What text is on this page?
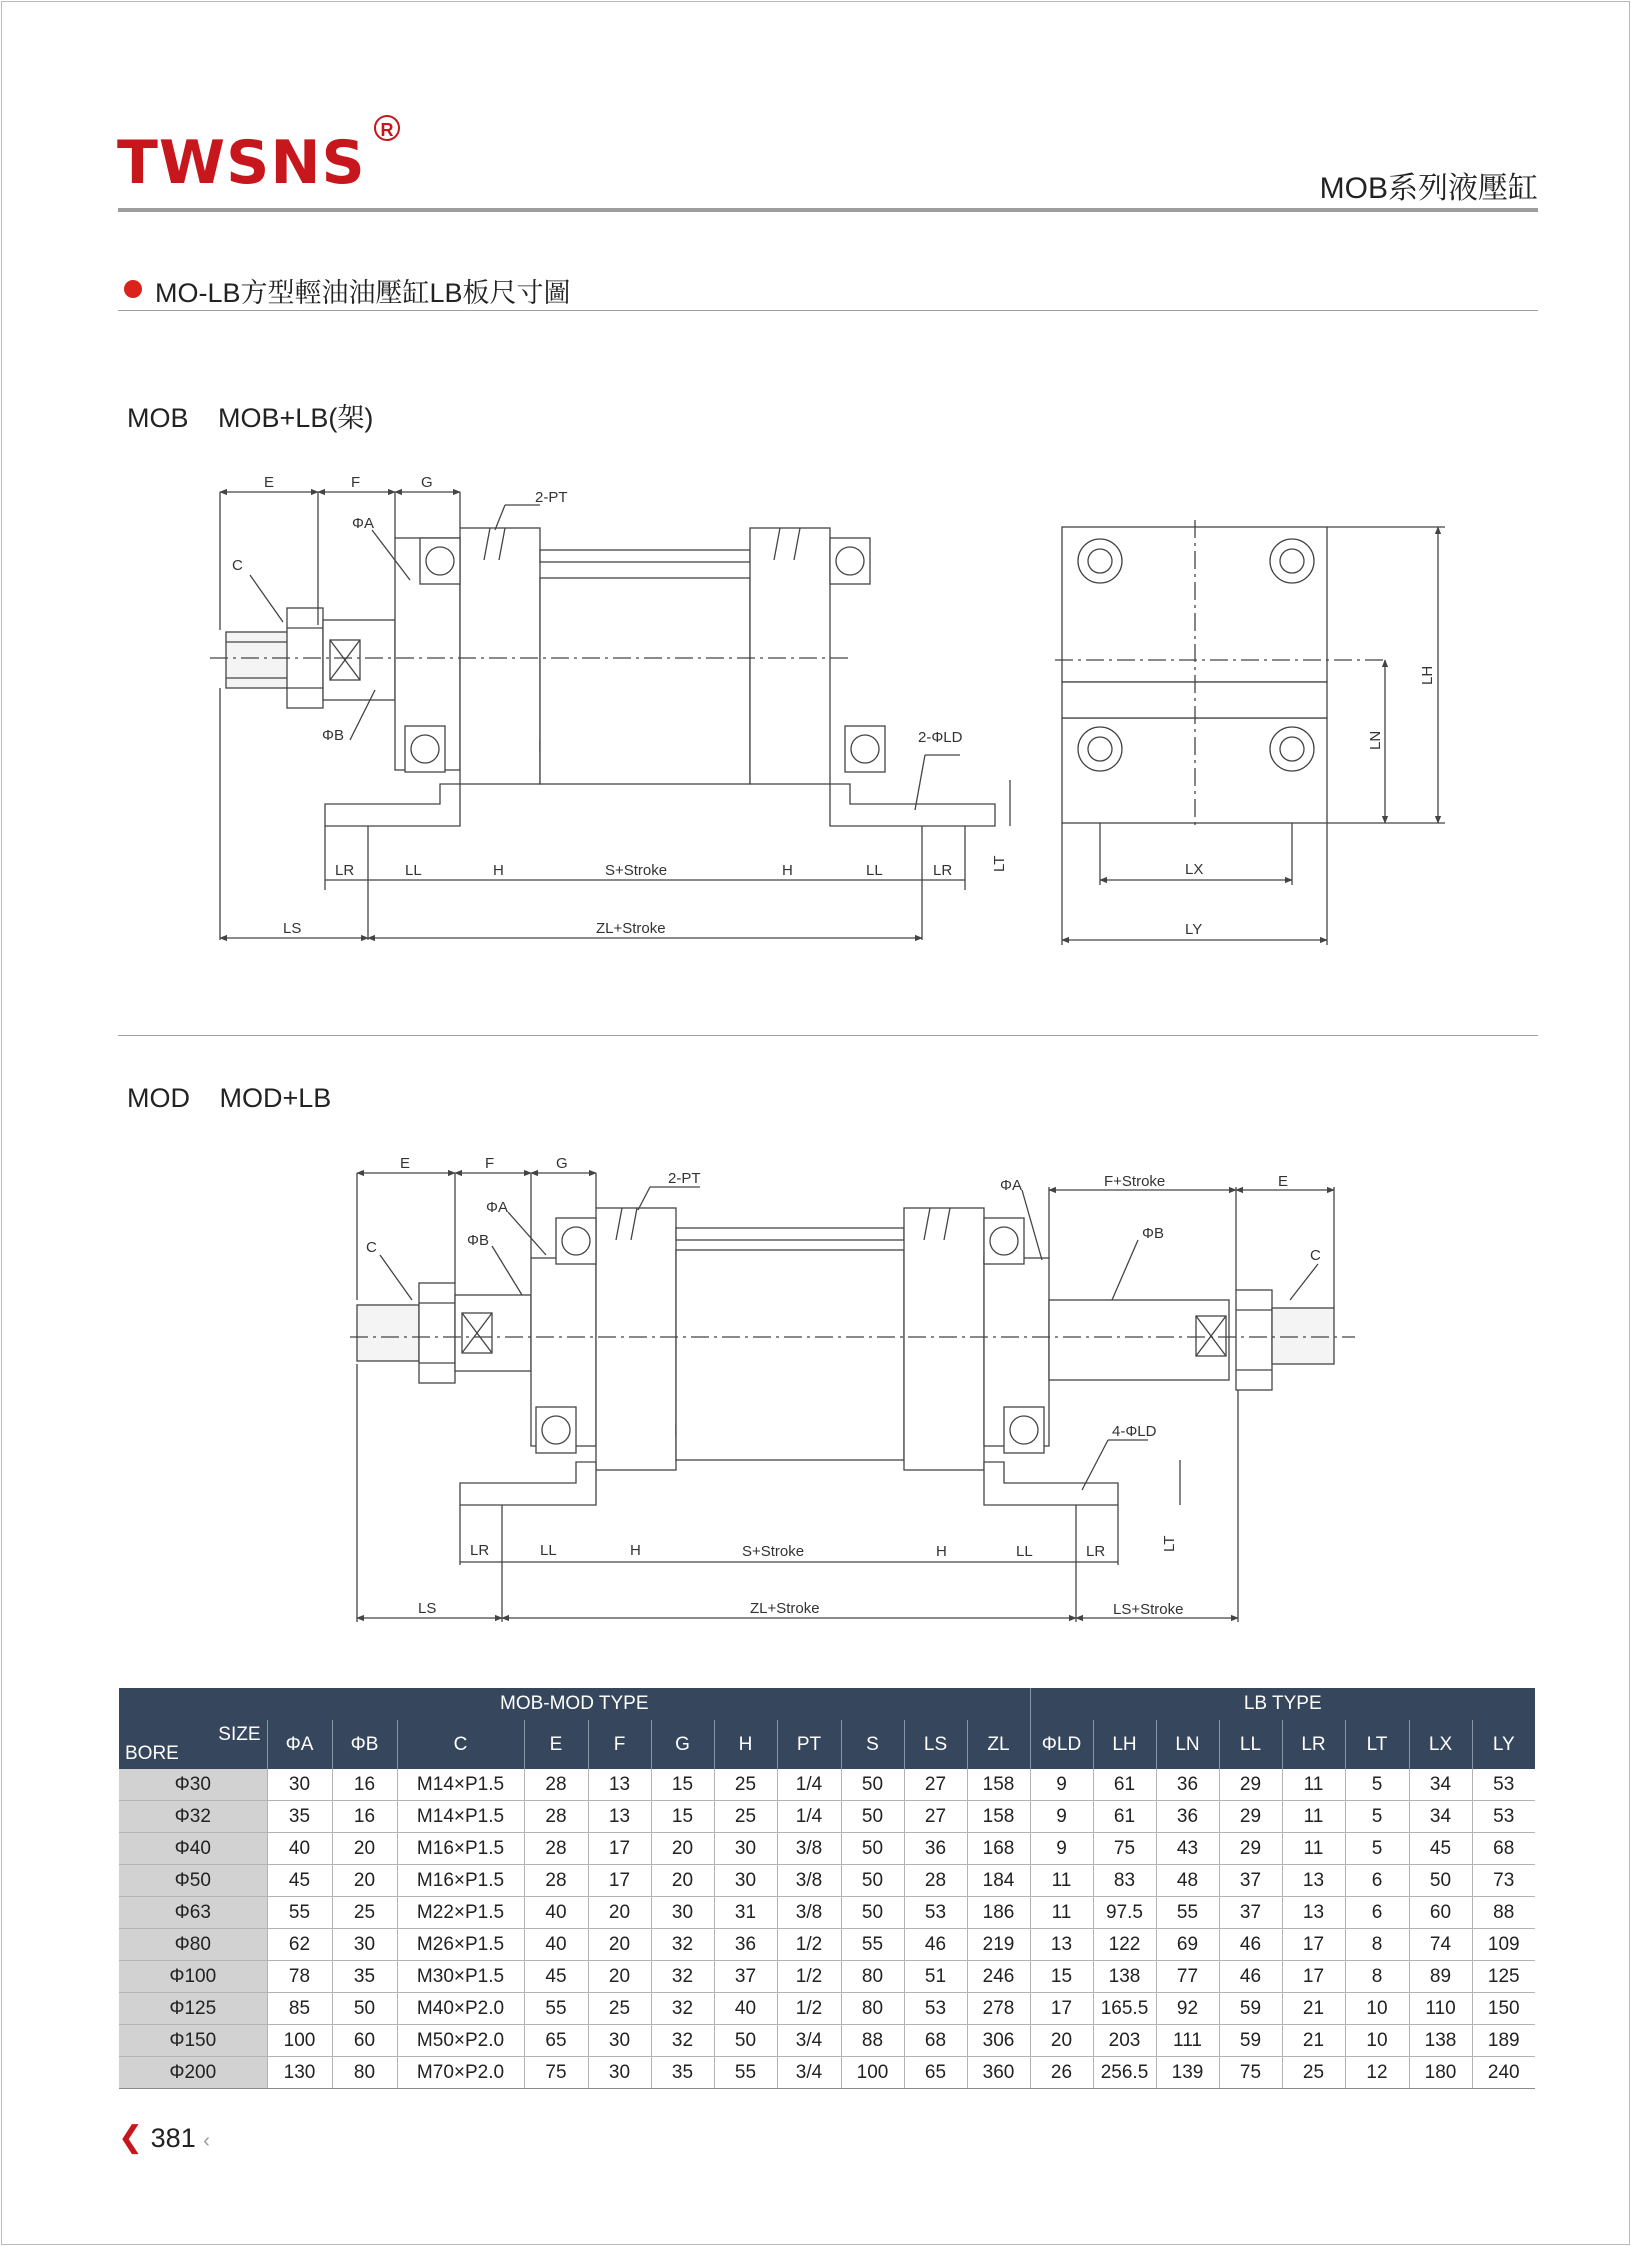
TWSNS R
MOB系列液壓缸
MO-LB方型輕油油壓缸LB板尺寸圖
MOB MOB+LB(架)
E	F	G
2-PT
ΦA
C
ΦB	2-ΦLD
LR	LL	H	S+Stroke	H	LL	LR	LT
LS	ZL+Stroke
LX
LY
LN
LH
MOD MOD+LB
E	F	G
2-PT
ΦA
ΦB
C
ΦA	F+Stroke	E
ΦB
C
4-ΦLD
LR	LL	H	S+Stroke	H	LL	LR	LT
LS	ZL+Stroke	LS+Stroke
MOB-MOD TYPE												LB TYPE							

SIZE
BORE	ΦA	ΦB	C	E	F	G	H	PT	S	LS	ZL	ΦLD	LH	LN	LL	LR	LT	LX	LY
Φ30	30	16	M14×P1.5	28	13	15	25	1/4	50	27	158	9	61	36	29	11	5	34	53
Φ32	35	16	M14×P1.5	28	13	15	25	1/4	50	27	158	9	61	36	29	11	5	34	53
Φ40	40	20	M16×P1.5	28	17	20	30	3/8	50	36	168	9	75	43	29	11	5	45	68
Φ50	45	20	M16×P1.5	28	17	20	30	3/8	50	28	184	11	83	48	37	13	6	50	73
Φ63	55	25	M22×P1.5	40	20	30	31	3/8	50	53	186	11	97.5	55	37	13	6	60	88
Φ80	62	30	M26×P1.5	40	20	32	36	1/2	55	46	219	13	122	69	46	17	8	74	109
Φ100	78	35	M30×P1.5	45	20	32	37	1/2	80	51	246	15	138	77	46	17	8	89	125
Φ125	85	50	M40×P2.0	55	25	32	40	1/2	80	53	278	17	165.5	92	59	21	10	110	150
Φ150	100	60	M50×P2.0	65	30	32	50	3/4	88	68	306	20	203	111	59	21	10	138	189
Φ200	130	80	M70×P2.0	75	30	35	55	3/4	100	65	360	26	256.5	139	75	25	12	180	240
❮ 381 ‹
